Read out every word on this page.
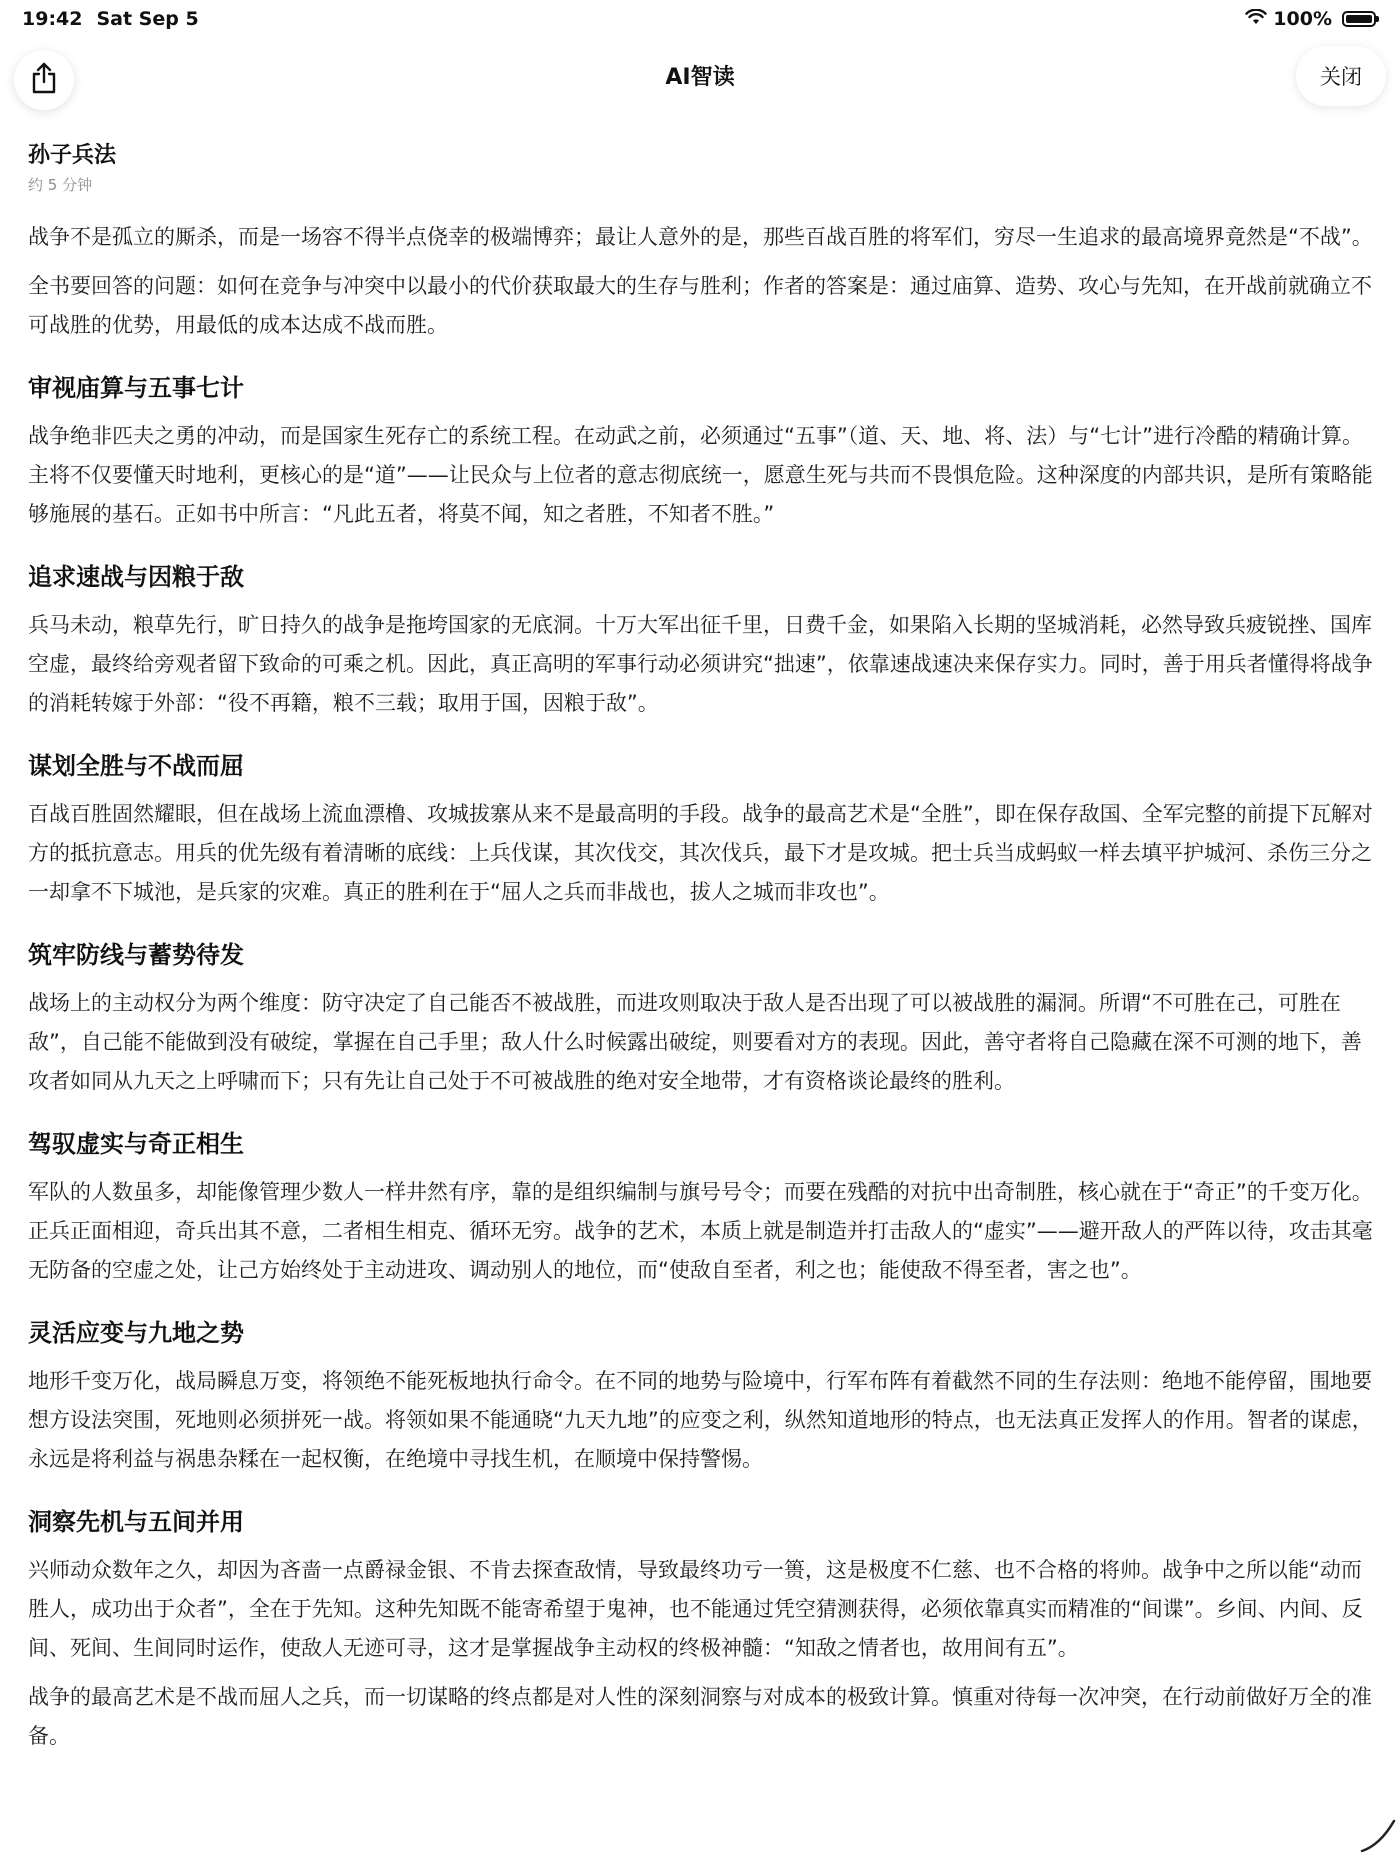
19:42 Sat Sep 5	100%
AI智读	关闭
孙子兵法
约 5 分钟

战争不是孤立的厮杀，而是一场容不得半点侥幸的极端博弈；最让人意外的是，那些百战百胜的将军们，穷尽一生追求的最高境界竟然是“不战”。

全书要回答的问题：如何在竞争与冲突中以最小的代价获取最大的生存与胜利；作者的答案是：通过庙算、造势、攻心与先知，在开战前就确立不可战胜的优势，用最低的成本达成不战而胜。

审视庙算与五事七计

战争绝非匹夫之勇的冲动，而是国家生死存亡的系统工程。在动武之前，必须通过“五事”（道、天、地、将、法）与“七计”进行冷酷的精确计算。主将不仅要懂天时地利，更核心的是“道”——让民众与上位者的意志彻底统一，愿意生死与共而不畏惧危险。这种深度的内部共识，是所有策略能够施展的基石。正如书中所言：“凡此五者，将莫不闻，知之者胜，不知者不胜。”

追求速战与因粮于敌

兵马未动，粮草先行，旷日持久的战争是拖垮国家的无底洞。十万大军出征千里，日费千金，如果陷入长期的坚城消耗，必然导致兵疲锐挫、国库空虚，最终给旁观者留下致命的可乘之机。因此，真正高明的军事行动必须讲究“拙速”，依靠速战速决来保存实力。同时，善于用兵者懂得将战争的消耗转嫁于外部：“役不再籍，粮不三载；取用于国，因粮于敌”。

谋划全胜与不战而屈

百战百胜固然耀眼，但在战场上流血漂橹、攻城拔寨从来不是最高明的手段。战争的最高艺术是“全胜”，即在保存敌国、全军完整的前提下瓦解对方的抵抗意志。用兵的优先级有着清晰的底线：上兵伐谋，其次伐交，其次伐兵，最下才是攻城。把士兵当成蚂蚁一样去填平护城河、杀伤三分之一却拿不下城池，是兵家的灾难。真正的胜利在于“屈人之兵而非战也，拔人之城而非攻也”。

筑牢防线与蓄势待发

战场上的主动权分为两个维度：防守决定了自己能否不被战胜，而进攻则取决于敌人是否出现了可以被战胜的漏洞。所谓“不可胜在己，可胜在敌”，自己能不能做到没有破绽，掌握在自己手里；敌人什么时候露出破绽，则要看对方的表现。因此，善守者将自己隐藏在深不可测的地下，善攻者如同从九天之上呼啸而下；只有先让自己处于不可被战胜的绝对安全地带，才有资格谈论最终的胜利。

驾驭虚实与奇正相生

军队的人数虽多，却能像管理少数人一样井然有序，靠的是组织编制与旗号号令；而要在残酷的对抗中出奇制胜，核心就在于“奇正”的千变万化。正兵正面相迎，奇兵出其不意，二者相生相克、循环无穷。战争的艺术，本质上就是制造并打击敌人的“虚实”——避开敌人的严阵以待，攻击其毫无防备的空虚之处，让己方始终处于主动进攻、调动别人的地位，而“使敌自至者，利之也；能使敌不得至者，害之也”。

灵活应变与九地之势

地形千变万化，战局瞬息万变，将领绝不能死板地执行命令。在不同的地势与险境中，行军布阵有着截然不同的生存法则：绝地不能停留，围地要想方设法突围，死地则必须拼死一战。将领如果不能通晓“九天九地”的应变之利，纵然知道地形的特点，也无法真正发挥人的作用。智者的谋虑，永远是将利益与祸患杂糅在一起权衡，在绝境中寻找生机，在顺境中保持警惕。

洞察先机与五间并用

兴师动众数年之久，却因为吝啬一点爵禄金银、不肯去探查敌情，导致最终功亏一篑，这是极度不仁慈、也不合格的将帅。战争中之所以能“动而胜人，成功出于众者”，全在于先知。这种先知既不能寄希望于鬼神，也不能通过凭空猜测获得，必须依靠真实而精准的“间谍”。乡间、内间、反间、死间、生间同时运作，使敌人无迹可寻，这才是掌握战争主动权的终极神髓：“知敌之情者也，故用间有五”。

战争的最高艺术是不战而屈人之兵，而一切谋略的终点都是对人性的深刻洞察与对成本的极致计算。慎重对待每一次冲突，在行动前做好万全的准备。
